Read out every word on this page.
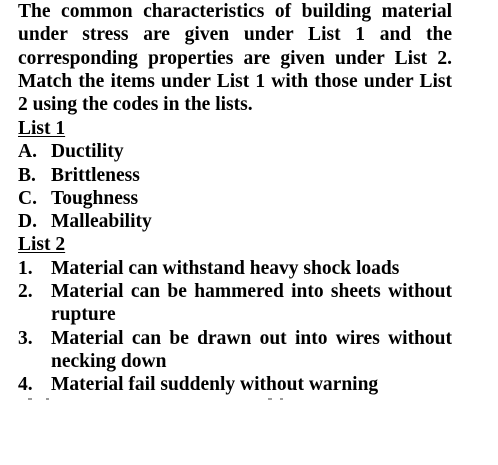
The common characteristics of building material under stress are given under List 1 and the corresponding properties are given under List 2. Match the items under List 1 with those under List 2 using the codes in the lists.

List 1
A. Ductility
B. Brittleness
C. Toughness
D. Malleability
List 2
1. Material can withstand heavy shock loads
2. Material can be hammered into sheets without rupture
3. Material can be drawn out into wires without necking down
4. Material fail suddenly without warning
